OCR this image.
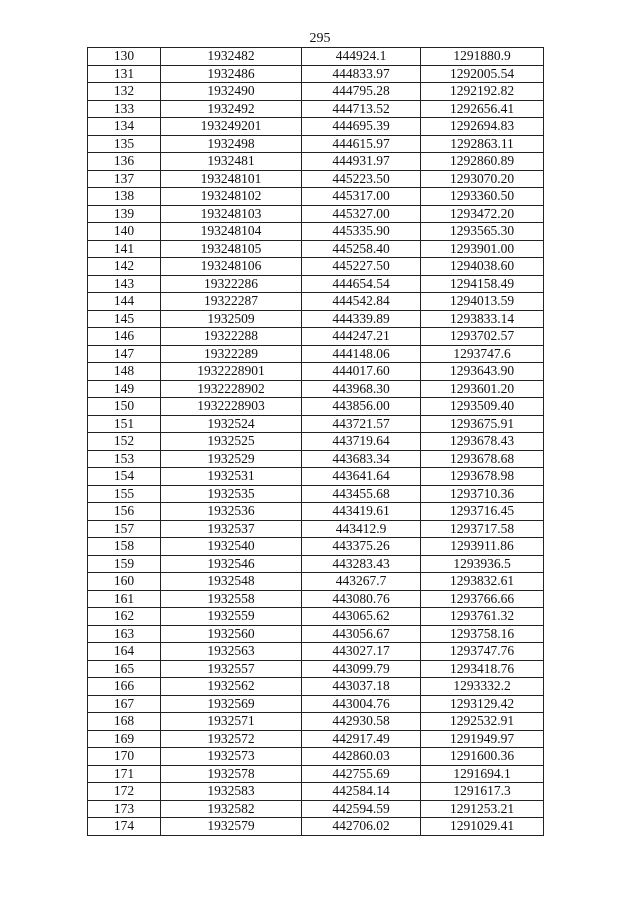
295
130	1932482	444924.1	1291880.9
131	1932486	444833.97	1292005.54
132	1932490	444795.28	1292192.82
133	1932492	444713.52	1292656.41
134	193249201	444695.39	1292694.83
135	1932498	444615.97	1292863.11
136	1932481	444931.97	1292860.89
137	193248101	445223.50	1293070.20
138	193248102	445317.00	1293360.50
139	193248103	445327.00	1293472.20
140	193248104	445335.90	1293565.30
141	193248105	445258.40	1293901.00
142	193248106	445227.50	1294038.60
143	19322286	444654.54	1294158.49
144	19322287	444542.84	1294013.59
145	1932509	444339.89	1293833.14
146	19322288	444247.21	1293702.57
147	19322289	444148.06	1293747.6
148	1932228901	444017.60	1293643.90
149	1932228902	443968.30	1293601.20
150	1932228903	443856.00	1293509.40
151	1932524	443721.57	1293675.91
152	1932525	443719.64	1293678.43
153	1932529	443683.34	1293678.68
154	1932531	443641.64	1293678.98
155	1932535	443455.68	1293710.36
156	1932536	443419.61	1293716.45
157	1932537	443412.9	1293717.58
158	1932540	443375.26	1293911.86
159	1932546	443283.43	1293936.5
160	1932548	443267.7	1293832.61
161	1932558	443080.76	1293766.66
162	1932559	443065.62	1293761.32
163	1932560	443056.67	1293758.16
164	1932563	443027.17	1293747.76
165	1932557	443099.79	1293418.76
166	1932562	443037.18	1293332.2
167	1932569	443004.76	1293129.42
168	1932571	442930.58	1292532.91
169	1932572	442917.49	1291949.97
170	1932573	442860.03	1291600.36
171	1932578	442755.69	1291694.1
172	1932583	442584.14	1291617.3
173	1932582	442594.59	1291253.21
174	1932579	442706.02	1291029.41
